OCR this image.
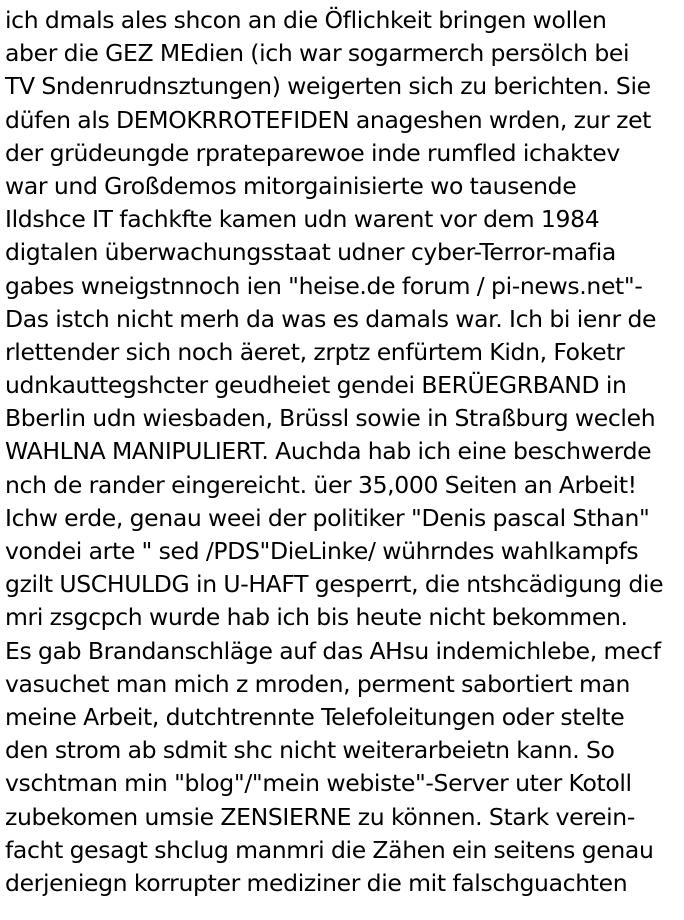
ich dmals ales shcon an die Öflichkeit bringen wollen
aber die GEZ MEdien (ich war sogarmerch persölch bei
TV Sndenrudnsztungen) weigerten sich zu berichten. Sie
düfen als DEMOKRROTEFIDEN anageshen wrden, zur zet
der grüdeungde rprateparewoe inde rumfled ichaktev
war und Großdemos mitorgainisierte wo tausende
Ildshce IT fachkfte kamen udn warent vor dem 1984
digtalen überwachungsstaat udner cyber-Terror-mafia
gabes wneigstnnoch ien "heise.de forum / pi-news.net"-
Das istch nicht merh da was es damals war. Ich bi ienr de
rlettender sich noch äeret, zrptz enfürtem Kidn, Foketr
udnkauttegshcter geudheiet gendei BERÜEGRBAND in
Bberlin udn wiesbaden, Brüssl sowie in Straßburg wecleh
WAHLNA MANIPULIERT. Auchda hab ich eine beschwerde
nch de rander eingereicht. üer 35,000 Seiten an Arbeit!
Ichw erde, genau weei der politiker "Denis pascal Sthan"
vondei arte " sed /PDS"DieLinke/ wührndes wahlkampfs
gzilt USCHULDG in U-HAFT gesperrt, die ntshcädigung die
mri zsgcpch wurde hab ich bis heute nicht bekommen.
Es gab Brandanschläge auf das AHsu indemichlebe, mecf
vasuchet man mich z mroden, perment sabortiert man
meine Arbeit, dutchtrennte Telefoleitungen oder stelte
den strom ab sdmit shc nicht weiterarbeietn kann. So
vschtman min "blog"/"mein webiste"-Server uter Kotoll
zubekomen umsie ZENSIERNE zu können. Stark verein-
facht gesagt shclug manmri die Zähen ein seitens genau
derjeniegn korrupter mediziner die mit falschguachten
